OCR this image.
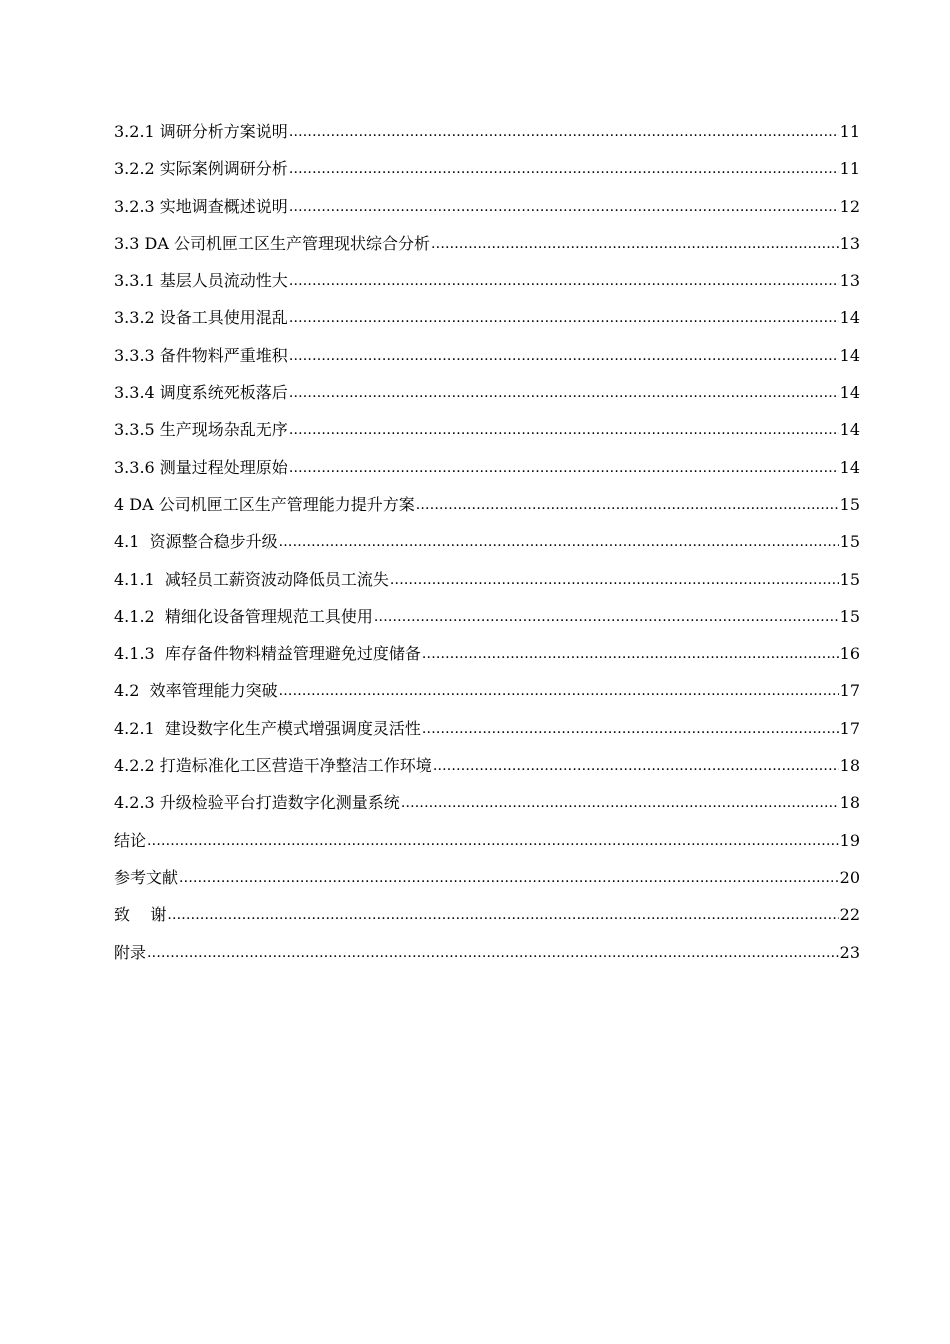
3.2.1 调研分析方案说明 .....	11
3.2.2 实际案例调研分析 .....	11
3.2.3 实地调查概述说明 .....	12
3.3 DA 公司机匣工区生产管理现状综合分析 .....	13
3.3.1 基层人员流动性大 .....	13
3.3.2 设备工具使用混乱 .....	14
3.3.3 备件物料严重堆积 .....	14
3.3.4 调度系统死板落后 .....	14
3.3.5 生产现场杂乱无序 .....	14
3.3.6 测量过程处理原始 .....	14
4 DA 公司机匣工区生产管理能力提升方案 .....	15
4.1  资源整合稳步升级 .....	15
4.1.1  减轻员工薪资波动降低员工流失 .....	15
4.1.2  精细化设备管理规范工具使用 .....	15
4.1.3  库存备件物料精益管理避免过度储备 .....	16
4.2  效率管理能力突破 .....	17
4.2.1  建设数字化生产模式增强调度灵活性 .....	17
4.2.2 打造标准化工区营造干净整洁工作环境 .....	18
4.2.3 升级检验平台打造数字化测量系统 .....	18
结论 .....	19
参考文献 .....	20
致    谢 .....	22
附录 .....	23
